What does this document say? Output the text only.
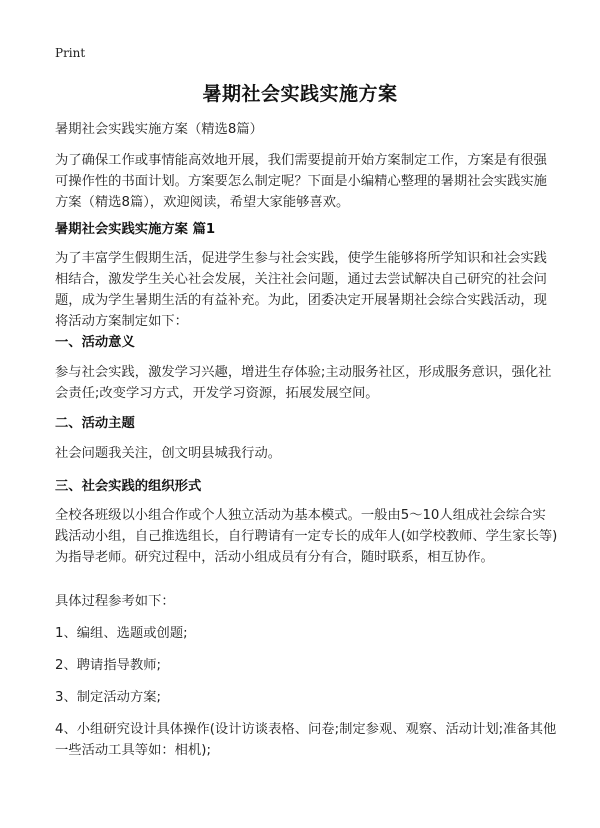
Print
暑期社会实践实施方案

暑期社会实践实施方案（精选8篇）

为了确保工作或事情能高效地开展，我们需要提前开始方案制定工作，方案是有很强可操作性的书面计划。方案要怎么制定呢？下面是小编精心整理的暑期社会实践实施方案（精选8篇），欢迎阅读，希望大家能够喜欢。

暑期社会实践实施方案 篇1

为了丰富学生假期生活，促进学生参与社会实践，使学生能够将所学知识和社会实践相结合，激发学生关心社会发展，关注社会问题，通过去尝试解决自己研究的社会问题，成为学生暑期生活的有益补充。为此，团委决定开展暑期社会综合实践活动，现将活动方案制定如下：

一、活动意义

参与社会实践，激发学习兴趣，增进生存体验;主动服务社区，形成服务意识，强化社会责任;改变学习方式，开发学习资源，拓展发展空间。

二、活动主题

社会问题我关注，创文明县城我行动。

三、社会实践的组织形式

全校各班级以小组合作或个人独立活动为基本模式。一般由5～10人组成社会综合实践活动小组，自己推选组长，自行聘请有一定专长的成年人(如学校教师、学生家长等)为指导老师。研究过程中，活动小组成员有分有合，随时联系，相互协作。

具体过程参考如下：

1、编组、选题或创题;

2、聘请指导教师;

3、制定活动方案;

4、小组研究设计具体操作(设计访谈表格、问卷;制定参观、观察、活动计划;准备其他一些活动工具等如：相机);
